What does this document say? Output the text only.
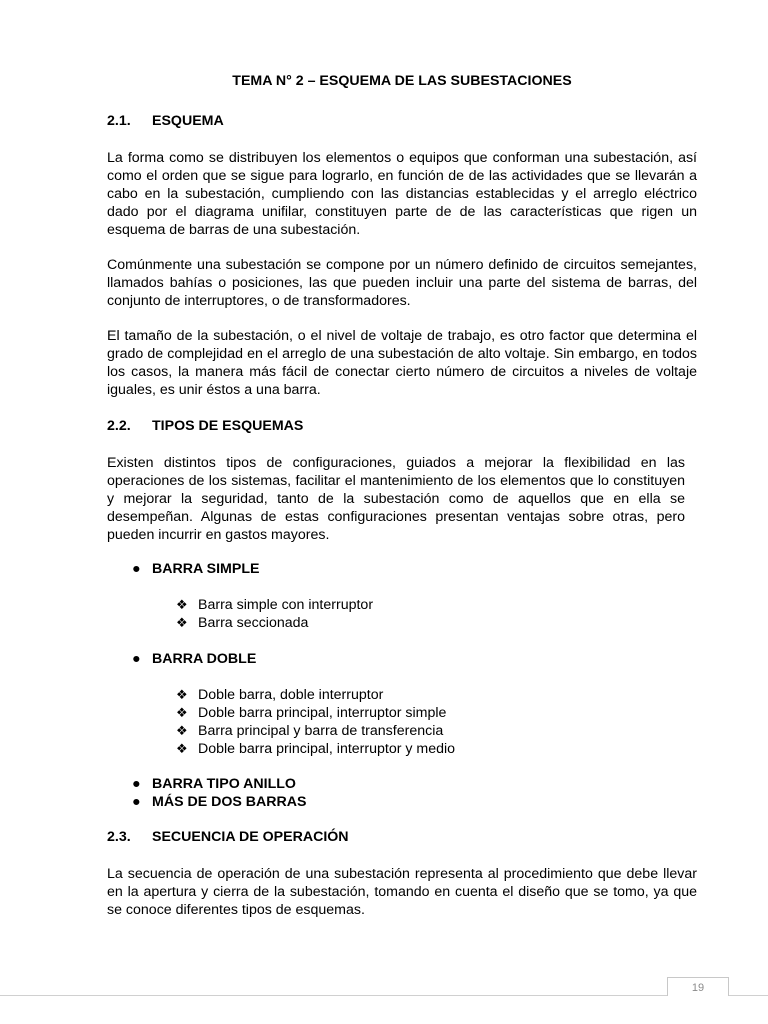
TEMA N° 2 – ESQUEMA DE LAS SUBESTACIONES
2.1. ESQUEMA

La forma como se distribuyen los elementos o equipos que conforman una subestación, así como el orden que se sigue para lograrlo, en función de de las actividades que se llevarán a cabo en la subestación, cumpliendo con las distancias establecidas y el arreglo eléctrico dado por el diagrama unifilar, constituyen parte de de las características que rigen un esquema de barras de una subestación.

Comúnmente una subestación se compone por un número definido de circuitos semejantes, llamados bahías o posiciones, las que pueden incluir una parte del sistema de barras, del conjunto de interruptores, o de transformadores.

El tamaño de la subestación, o el nivel de voltaje de trabajo, es otro factor que determina el grado de complejidad en el arreglo de una subestación de alto voltaje. Sin embargo, en todos los casos, la manera más fácil de conectar cierto número de circuitos a niveles de voltaje iguales, es unir éstos a una barra.

2.2. TIPOS DE ESQUEMAS

Existen distintos tipos de configuraciones, guiados a mejorar la flexibilidad en las operaciones de los sistemas, facilitar el mantenimiento de los elementos que lo constituyen y mejorar la seguridad, tanto de la subestación como de aquellos que en ella se desempeñan. Algunas de estas configuraciones presentan ventajas sobre otras, pero pueden incurrir en gastos mayores.

● BARRA SIMPLE
❖ Barra simple con interruptor
❖ Barra seccionada
● BARRA DOBLE
❖ Doble barra, doble interruptor
❖ Doble barra principal, interruptor simple
❖ Barra principal y barra de transferencia
❖ Doble barra principal, interruptor y medio
● BARRA TIPO ANILLO
● MÁS DE DOS BARRAS
2.3. SECUENCIA DE OPERACIÓN

La secuencia de operación de una subestación representa al procedimiento que debe llevar en la apertura y cierra de la subestación, tomando en cuenta el diseño que se tomo, ya que se conoce diferentes tipos de esquemas.

19
